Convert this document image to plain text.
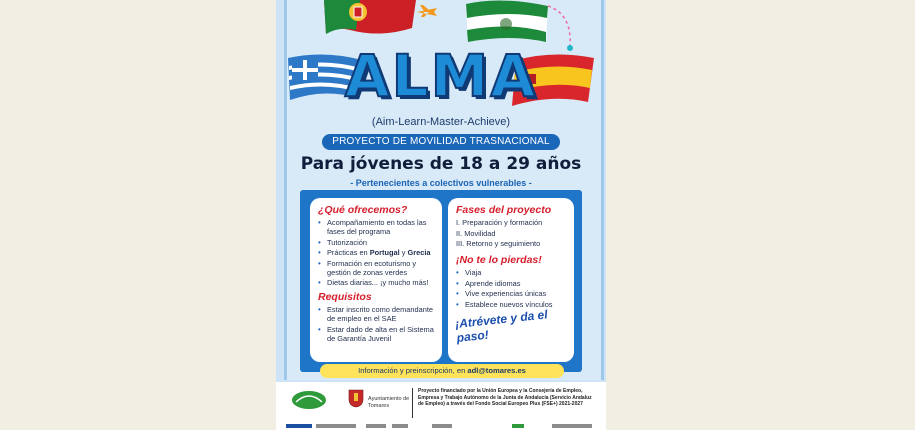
ALMA
(Aim-Learn-Master-Achieve)
PROYECTO DE MOVILIDAD TRASNACIONAL
Para jóvenes de 18 a 29 años
- Pertenecientes a colectivos vulnerables -
¿Qué ofrecemos?
• Acompañamiento en todas las fases del programa
• Tutorización
• Prácticas en Portugal y Grecia
• Formación en ecoturismo y gestión de zonas verdes
• Dietas diarias... ¡y mucho más!
Requisitos
• Estar inscrito como demandante de empleo en el SAE
• Estar dado de alta en el Sistema de Garantía Juvenil
Fases del proyecto
I. Preparación y formación
II. Movilidad
III. Retorno y seguimiento
¡No te lo pierdas!
• Viaja
• Aprende idiomas
• Vive experiencias únicas
• Establece nuevos vínculos
¡Atrévete y da el paso!
Información y preinscripción, en adl@tomares.es
Ayuntamiento de
Tomares
Proyecto financiado por la Unión Europea y la Consejería de Empleo, Empresa y Trabajo Autónomo de la Junta de Andalucía (Servicio Andaluz de Empleo) a través del Fondo Social Europeo Plus (FSE+) 2021-2027
